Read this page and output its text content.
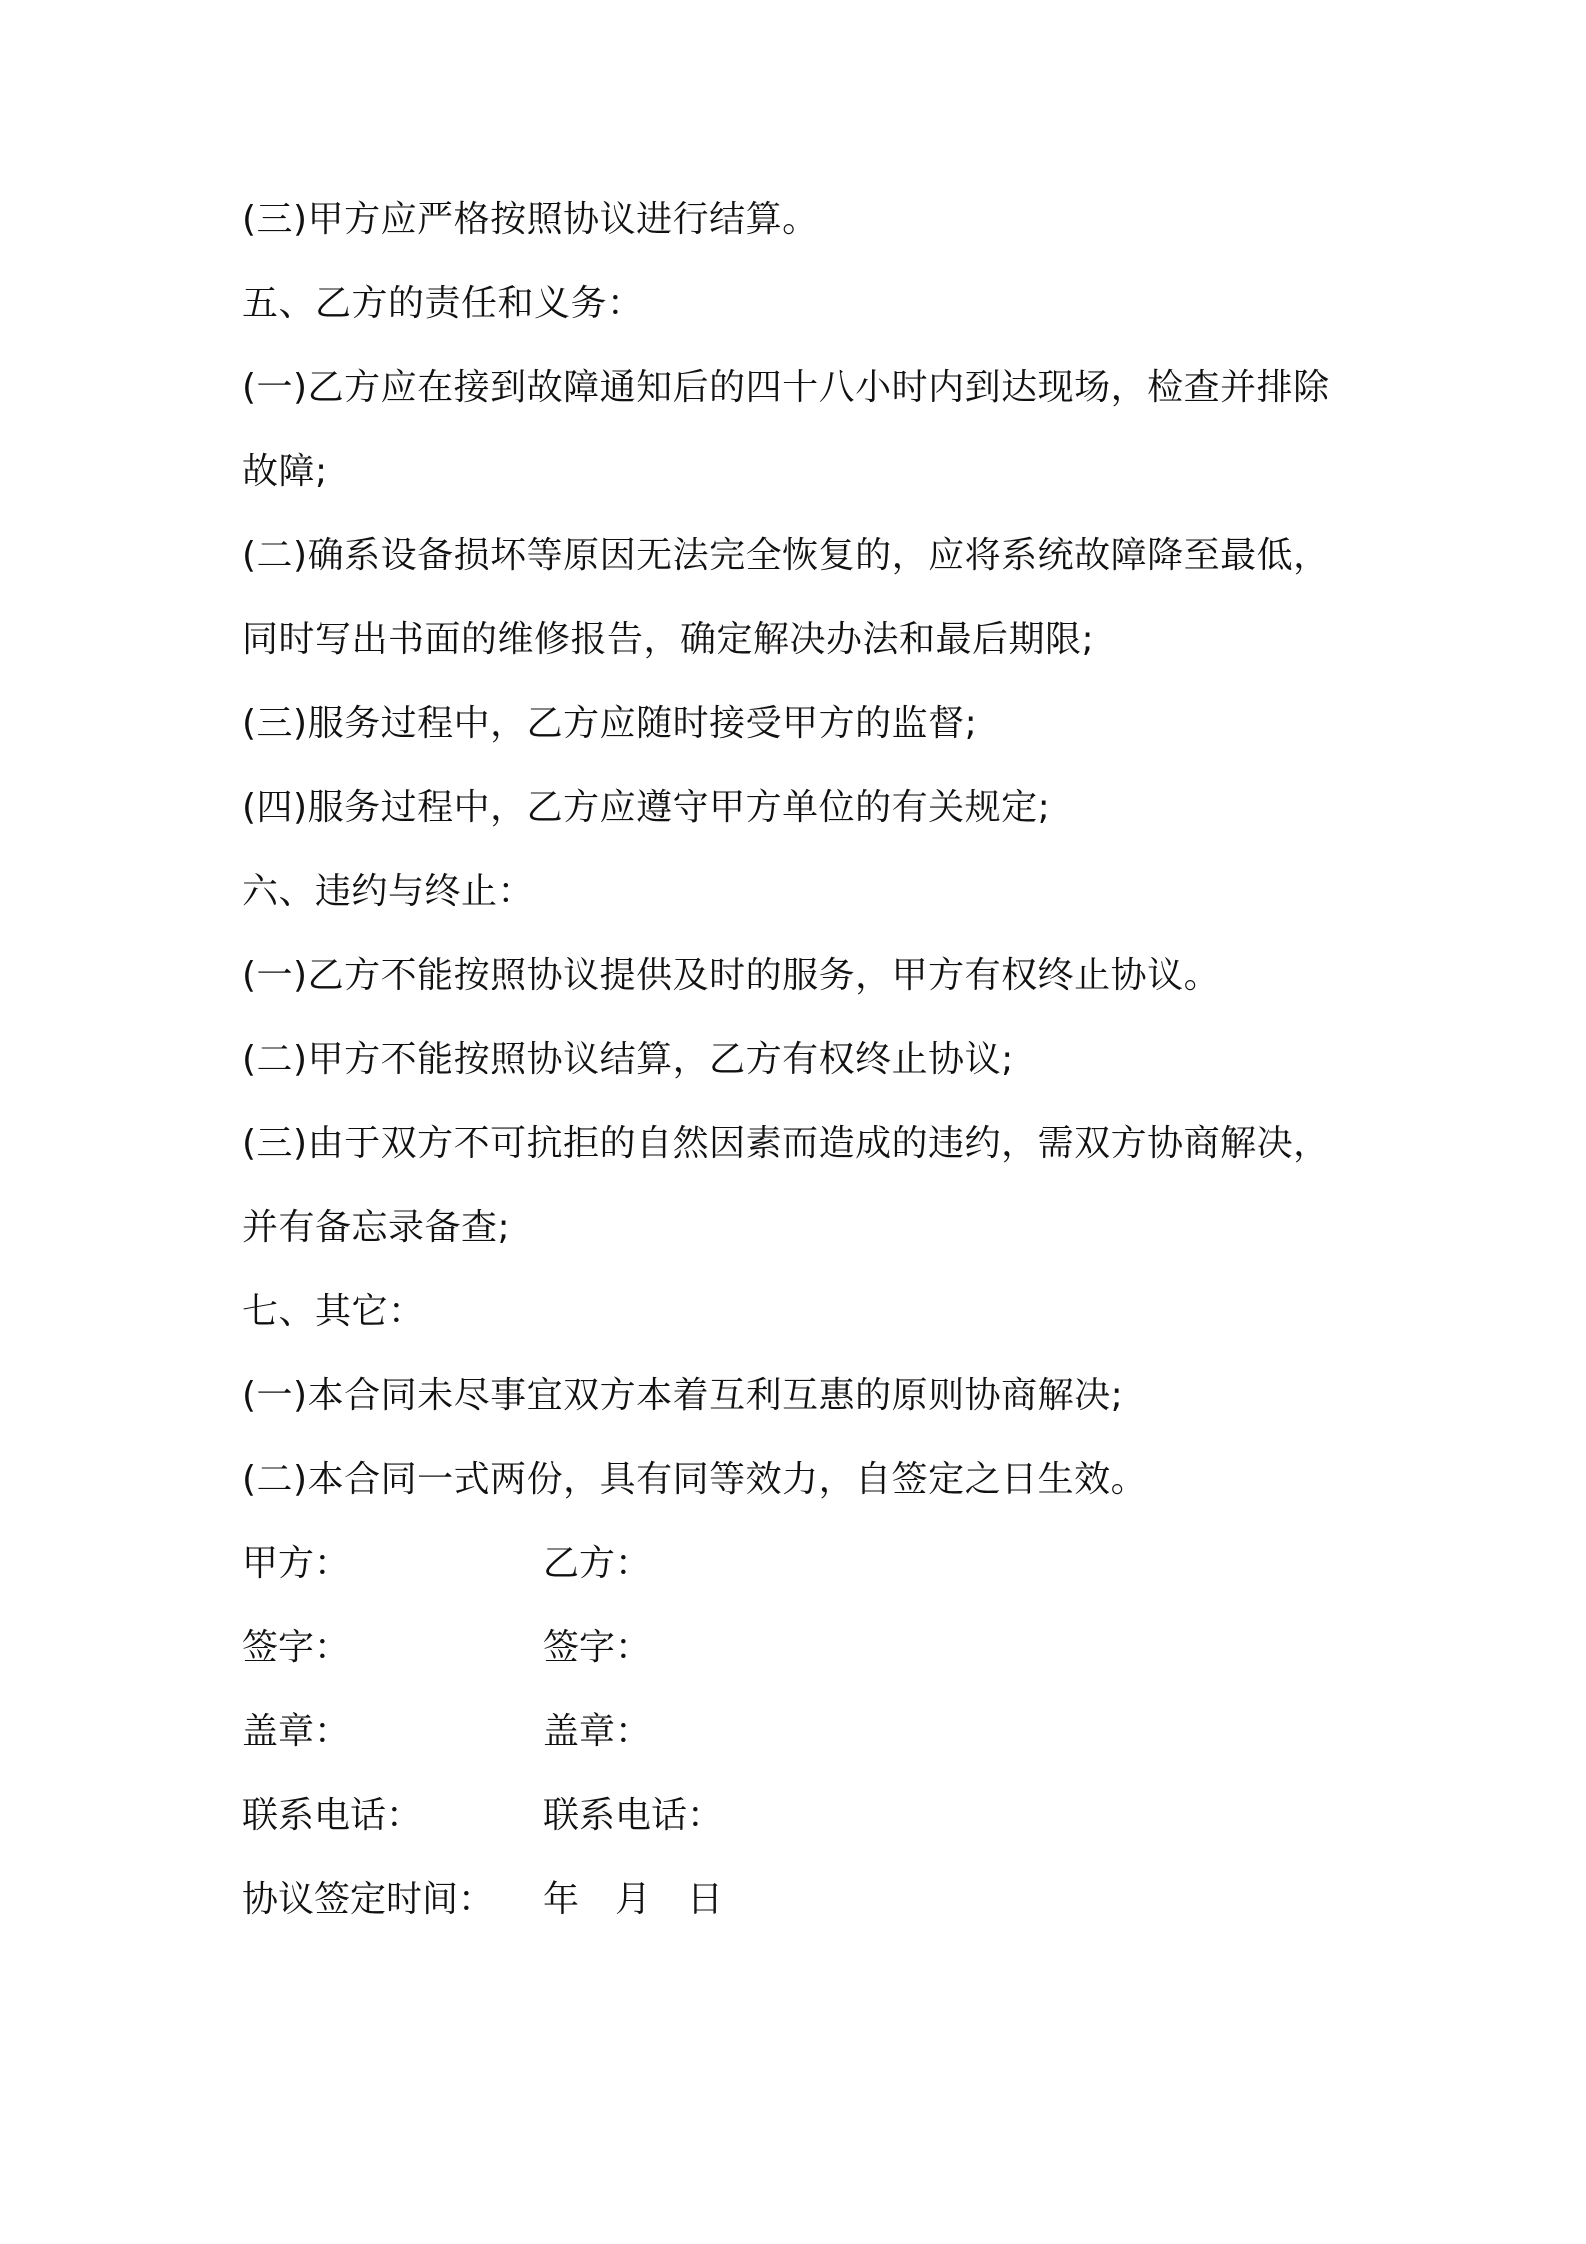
(三)甲方应严格按照协议进行结算。
五、乙方的责任和义务：
(一)乙方应在接到故障通知后的四十八小时内到达现场，检查并排除
故障;
(二)确系设备损坏等原因无法完全恢复的，应将系统故障降至最低，
同时写出书面的维修报告，确定解决办法和最后期限;
(三)服务过程中，乙方应随时接受甲方的监督;
(四)服务过程中，乙方应遵守甲方单位的有关规定;
六、违约与终止：
(一)乙方不能按照协议提供及时的服务，甲方有权终止协议。
(二)甲方不能按照协议结算，乙方有权终止协议;
(三)由于双方不可抗拒的自然因素而造成的违约，需双方协商解决，
并有备忘录备查;
七、其它：
(一)本合同未尽事宜双方本着互利互惠的原则协商解决;
(二)本合同一式两份，具有同等效力，自签定之日生效。
甲方：	乙方：
签字：	签字：
盖章：	盖章：
联系电话：	联系电话：
协议签定时间： 年 月 日
